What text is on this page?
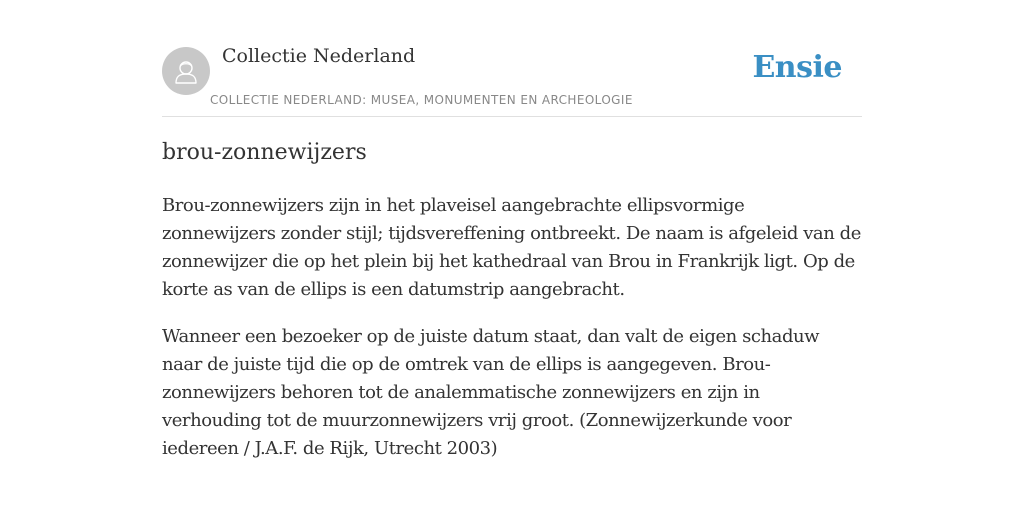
Collectie Nederland
COLLECTIE NEDERLAND: MUSEA, MONUMENTEN EN ARCHEOLOGIE
Ensie
brou-zonnewijzers

Brou-zonnewijzers zijn in het plaveisel aangebrachte ellipsvormige zonnewijzers zonder stijl; tijdsvereffening ontbreekt. De naam is afgeleid van de zonnewijzer die op het plein bij het kathedraal van Brou in Frankrijk ligt. Op de korte as van de ellips is een datumstrip aangebracht.

Wanneer een bezoeker op de juiste datum staat, dan valt de eigen schaduw naar de juiste tijd die op de omtrek van de ellips is aangegeven. Brou-zonnewijzers behoren tot de analemmatische zonnewijzers en zijn in verhouding tot de muurzonnewijzers vrij groot. (Zonnewijzerkunde voor iedereen / J.A.F. de Rijk, Utrecht 2003)
